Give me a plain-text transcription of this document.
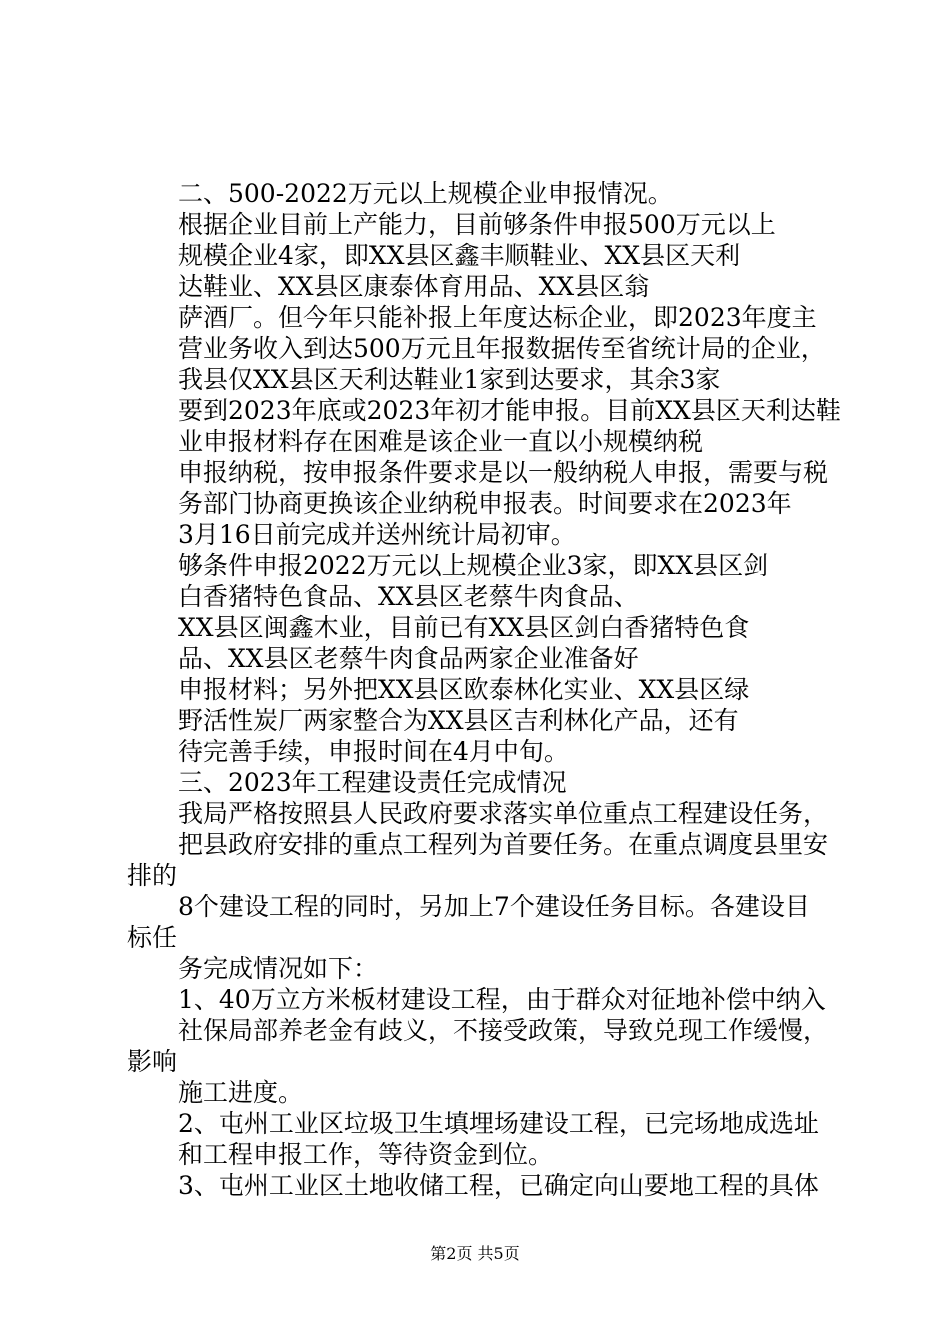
二、500-2022万元以上规模企业申报情况。
根据企业目前上产能力，目前够条件申报500万元以上
规模企业4家，即XX县区鑫丰顺鞋业、XX县区天利
达鞋业、XX县区康泰体育用品、XX县区翁
萨酒厂。但今年只能补报上年度达标企业，即2023年度主
营业务收入到达500万元且年报数据传至省统计局的企业，
我县仅XX县区天利达鞋业1家到达要求，其余3家
要到2023年底或2023年初才能申报。目前XX县区天利达鞋
业申报材料存在困难是该企业一直以小规模纳税
申报纳税，按申报条件要求是以一般纳税人申报，需要与税
务部门协商更换该企业纳税申报表。时间要求在2023年
3月16日前完成并送州统计局初审。
够条件申报2022万元以上规模企业3家，即XX县区剑
白香猪特色食品、XX县区老蔡牛肉食品、
XX县区闽鑫木业，目前已有XX县区剑白香猪特色食
品、XX县区老蔡牛肉食品两家企业准备好
申报材料；另外把XX县区欧泰林化实业、XX县区绿
野活性炭厂两家整合为XX县区吉利林化产品，还有
待完善手续，申报时间在4月中旬。
三、2023年工程建设责任完成情况
我局严格按照县人民政府要求落实单位重点工程建设任务，
把县政府安排的重点工程列为首要任务。在重点调度县里安
排的
8个建设工程的同时，另加上7个建设任务目标。各建设目
标任
务完成情况如下：
1、40万立方米板材建设工程，由于群众对征地补偿中纳入
社保局部养老金有歧义，不接受政策，导致兑现工作缓慢，
影响
施工进度。
2、屯州工业区垃圾卫生填埋场建设工程，已完场地成选址
和工程申报工作，等待资金到位。
3、屯州工业区土地收储工程，已确定向山要地工程的具体
第2页 共5页
